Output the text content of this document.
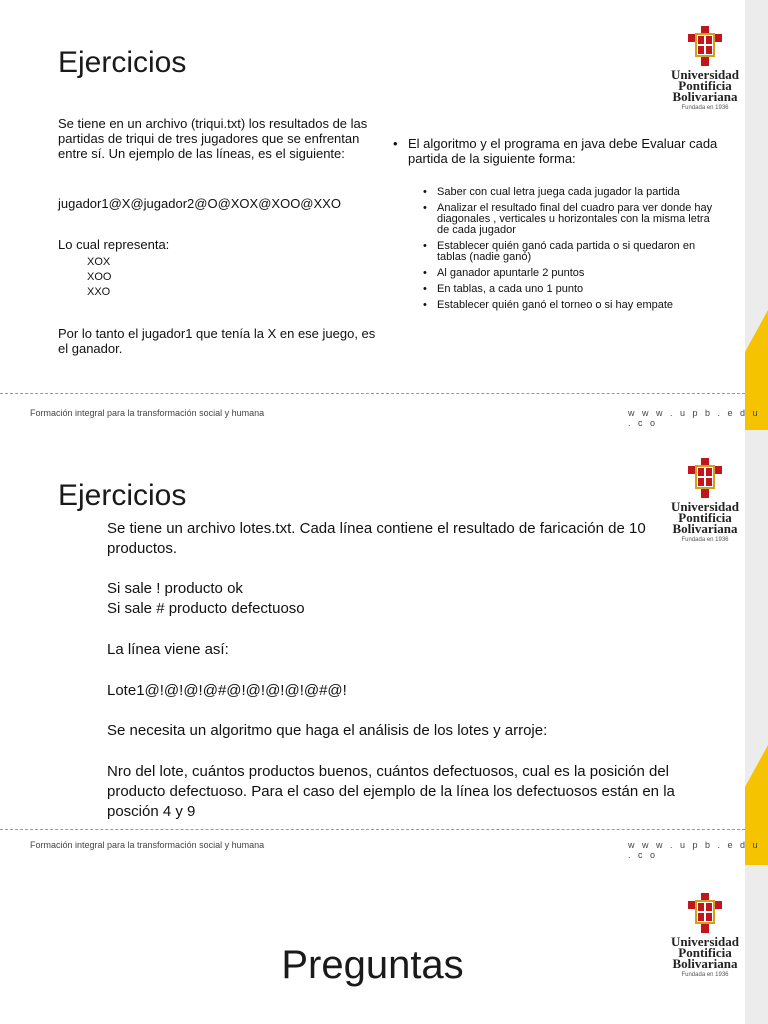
Ejercicios	Universidad
Pontificia
Bolivariana
Fundada en 1936
Se tiene en un archivo (triqui.txt) los resultados de las partidas de triqui de tres jugadores que se enfrentan entre sí. Un ejemplo de las líneas, es el siguiente:
jugador1@X@jugador2@O@XOX@XOO@XXO
Lo cual representa:
XOX
XOO
XXO
Por lo tanto el jugador1 que tenía la X en ese juego, es el ganador.
• El algoritmo y el programa en java debe Evaluar cada partida de la siguiente forma:
• Saber con cual letra juega cada jugador la partida
• Analizar el resultado final del cuadro para ver donde hay diagonales , verticales u horizontales con la misma letra de cada jugador
• Establecer quién ganó cada partida o si quedaron en tablas (nadie ganó)
• Al ganador apuntarle 2 puntos
• En tablas, a cada uno 1 punto
• Establecer quién ganó el torneo o si hay empate
Formación integral para la transformación social y humana	w w w . u p b . e d u . c o
Ejercicios	Universidad
Pontificia
Bolivariana
Fundada en 1936
Se tiene un archivo lotes.txt. Cada línea contiene el resultado de faricación de 10 productos.
Si sale ! producto ok
Si sale # producto defectuoso
La línea viene así:
Lote1@!@!@!@#@!@!@!@!@#@!
Se necesita un algoritmo que haga el análisis de los lotes y arroje:
Nro del lote, cuántos productos buenos, cuántos defectuosos, cual es la posición del producto defectuoso. Para el caso del ejemplo de la línea los defectuosos están en la posción 4 y 9
Formación integral para la transformación social y humana	w w w . u p b . e d u . c o
Universidad
Pontificia
Bolivariana
Fundada en 1936
Preguntas
